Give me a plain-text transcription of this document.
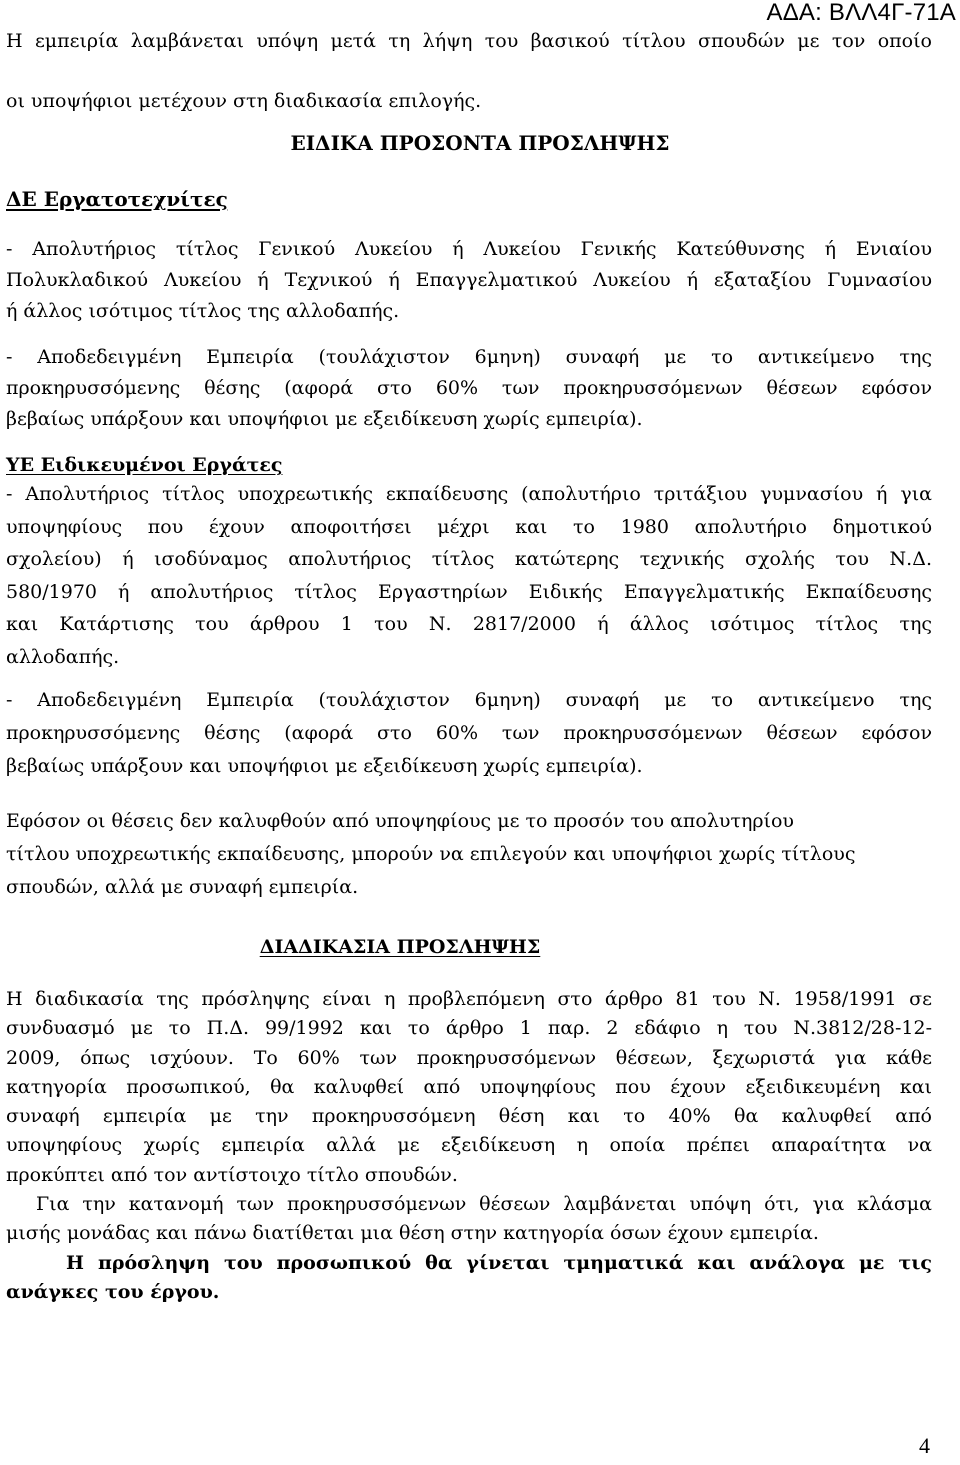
ΑΔΑ: ΒΛΛ4Γ-71Α
Η εμπειρία λαμβάνεται υπόψη μετά τη λήψη του βασικού τίτλου σπουδών με τον οποίο
οι υποψήφιοι μετέχουν στη διαδικασία επιλογής.
ΕΙΔΙΚΑ ΠΡΟΣΟΝΤΑ ΠΡΟΣΛΗΨΗΣ
ΔΕ Εργατοτεχνίτες
- Απολυτήριος τίτλος Γενικού Λυκείου ή Λυκείου Γενικής Κατεύθυνσης ή Ενιαίου
Πολυκλαδικού Λυκείου ή Τεχνικού ή Επαγγελματικού Λυκείου ή εξαταξίου Γυμνασίου
ή άλλος ισότιμος τίτλος της αλλοδαπής.
- Αποδεδειγμένη Εμπειρία (τουλάχιστον 6μηνη) συναφή με το αντικείμενο της
προκηρυσσόμενης θέσης (αφορά στο 60% των προκηρυσσόμενων θέσεων εφόσον
βεβαίως υπάρξουν και υποψήφιοι με εξειδίκευση χωρίς εμπειρία).
ΥΕ Ειδικευμένοι Εργάτες
- Απολυτήριος τίτλος υποχρεωτικής εκπαίδευσης (απολυτήριο τριτάξιου γυμνασίου ή για
υποψηφίους που έχουν αποφοιτήσει μέχρι και το 1980 απολυτήριο δημοτικού
σχολείου) ή ισοδύναμος απολυτήριος τίτλος κατώτερης τεχνικής σχολής του Ν.Δ.
580/1970 ή απολυτήριος τίτλος Εργαστηρίων Ειδικής Επαγγελματικής Εκπαίδευσης
και Κατάρτισης του άρθρου 1 του Ν. 2817/2000 ή άλλος ισότιμος τίτλος της
αλλοδαπής.
- Αποδεδειγμένη Εμπειρία (τουλάχιστον 6μηνη) συναφή με το αντικείμενο της
προκηρυσσόμενης θέσης (αφορά στο 60% των προκηρυσσόμενων θέσεων εφόσον
βεβαίως υπάρξουν και υποψήφιοι με εξειδίκευση χωρίς εμπειρία).
Εφόσον οι θέσεις δεν καλυφθούν από υποψηφίους με το προσόν του απολυτηρίου
τίτλου υποχρεωτικής εκπαίδευσης, μπορούν να επιλεγούν και υποψήφιοι χωρίς τίτλους
σπουδών, αλλά με συναφή εμπειρία.
ΔΙΑΔΙΚΑΣΙΑ ΠΡΟΣΛΗΨΗΣ
Η διαδικασία της πρόσληψης είναι η προβλεπόμενη στο άρθρο 81 του Ν. 1958/1991 σε
συνδυασμό με το Π.Δ. 99/1992 και το άρθρο 1 παρ. 2 εδάφιο η του Ν.3812/28-12-
2009, όπως ισχύουν. Το 60% των προκηρυσσόμενων θέσεων, ξεχωριστά για κάθε
κατηγορία προσωπικού, θα καλυφθεί από υποψηφίους που έχουν εξειδικευμένη και
συναφή εμπειρία με την προκηρυσσόμενη θέση και το 40% θα καλυφθεί από
υποψηφίους χωρίς εμπειρία αλλά με εξειδίκευση η οποία πρέπει απαραίτητα να
προκύπτει από τον αντίστοιχο τίτλο σπουδών.
Για την κατανομή των προκηρυσσόμενων θέσεων λαμβάνεται υπόψη ότι, για κλάσμα
μισής μονάδας και πάνω διατίθεται μια θέση στην κατηγορία όσων έχουν εμπειρία.
Η πρόσληψη του προσωπικού θα γίνεται τμηματικά και ανάλογα με τις
ανάγκες του έργου.
4
